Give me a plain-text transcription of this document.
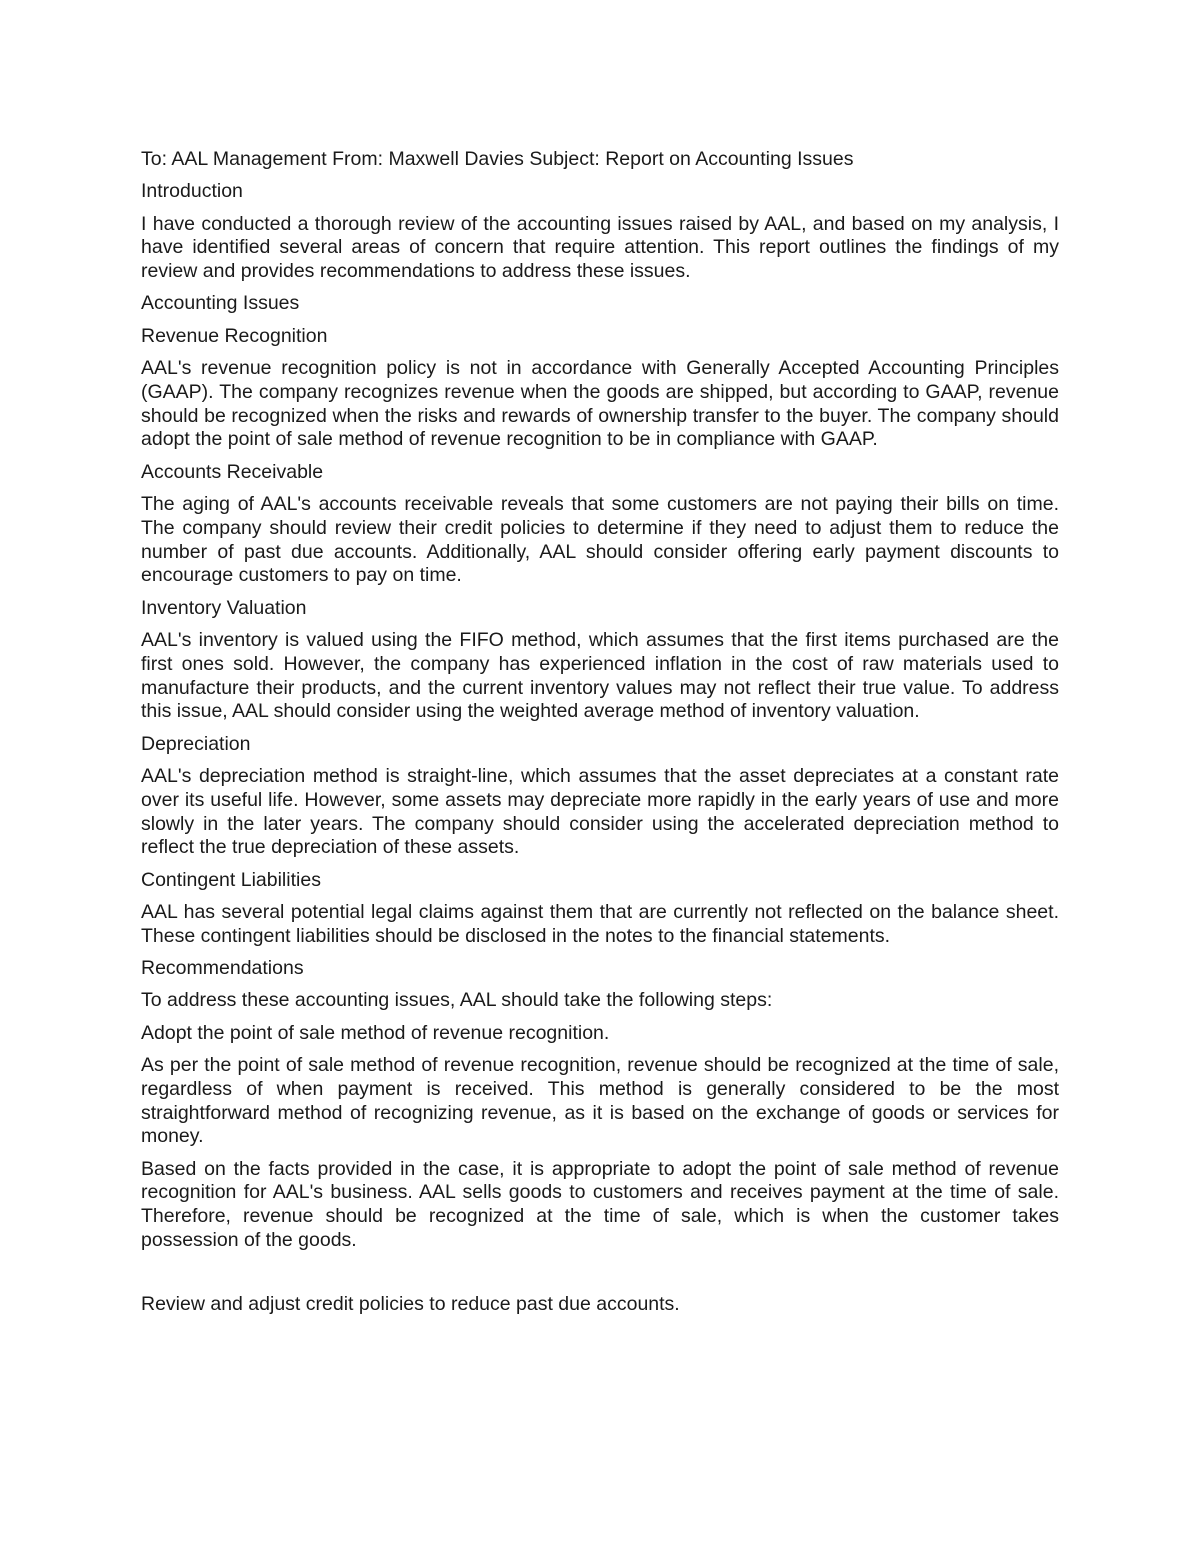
To: AAL Management From: Maxwell Davies Subject: Report on Accounting Issues

Introduction

I have conducted a thorough review of the accounting issues raised by AAL, and based on my analysis, I have identified several areas of concern that require attention. This report outlines the findings of my review and provides recommendations to address these issues.

Accounting Issues

Revenue Recognition

AAL's revenue recognition policy is not in accordance with Generally Accepted Accounting Principles (GAAP). The company recognizes revenue when the goods are shipped, but according to GAAP, revenue should be recognized when the risks and rewards of ownership transfer to the buyer. The company should adopt the point of sale method of revenue recognition to be in compliance with GAAP.

Accounts Receivable

The aging of AAL's accounts receivable reveals that some customers are not paying their bills on time. The company should review their credit policies to determine if they need to adjust them to reduce the number of past due accounts. Additionally, AAL should consider offering early payment discounts to encourage customers to pay on time.

Inventory Valuation

AAL's inventory is valued using the FIFO method, which assumes that the first items purchased are the first ones sold. However, the company has experienced inflation in the cost of raw materials used to manufacture their products, and the current inventory values may not reflect their true value. To address this issue, AAL should consider using the weighted average method of inventory valuation.

Depreciation

AAL's depreciation method is straight-line, which assumes that the asset depreciates at a constant rate over its useful life. However, some assets may depreciate more rapidly in the early years of use and more slowly in the later years. The company should consider using the accelerated depreciation method to reflect the true depreciation of these assets.

Contingent Liabilities

AAL has several potential legal claims against them that are currently not reflected on the balance sheet. These contingent liabilities should be disclosed in the notes to the financial statements.

Recommendations

To address these accounting issues, AAL should take the following steps:

Adopt the point of sale method of revenue recognition.

As per the point of sale method of revenue recognition, revenue should be recognized at the time of sale, regardless of when payment is received. This method is generally considered to be the most straightforward method of recognizing revenue, as it is based on the exchange of goods or services for money.

Based on the facts provided in the case, it is appropriate to adopt the point of sale method of revenue recognition for AAL's business. AAL sells goods to customers and receives payment at the time of sale. Therefore, revenue should be recognized at the time of sale, which is when the customer takes possession of the goods.

Review and adjust credit policies to reduce past due accounts.
